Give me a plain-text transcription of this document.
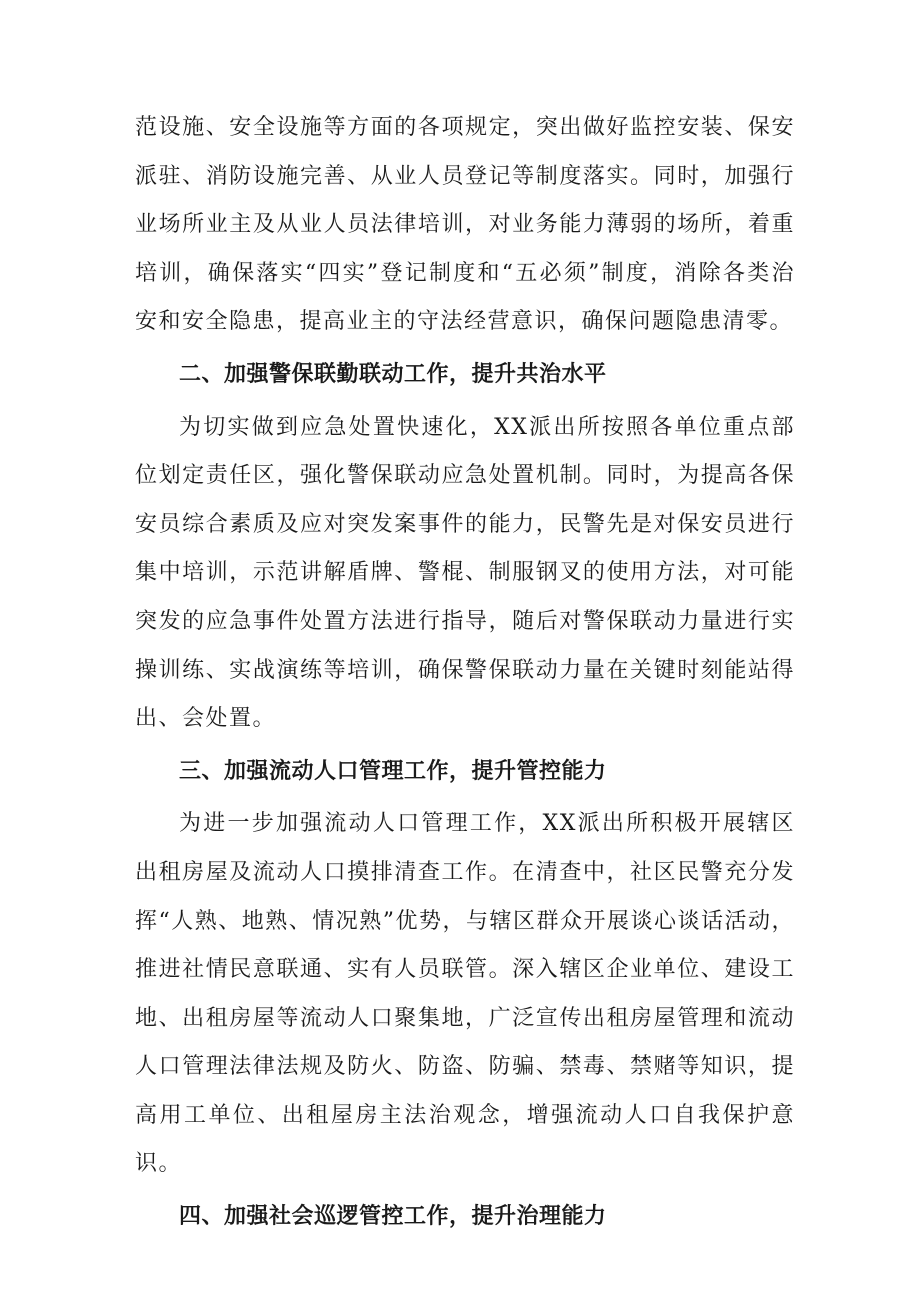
范设施、安全设施等方面的各项规定，突出做好监控安装、保安派驻、消防设施完善、从业人员登记等制度落实。同时，加强行业场所业主及从业人员法律培训，对业务能力薄弱的场所，着重培训，确保落实“四实”登记制度和“五必须”制度，消除各类治安和安全隐患，提高业主的守法经营意识，确保问题隐患清零。

二、加强警保联勤联动工作，提升共治水平

为切实做到应急处置快速化，XX派出所按照各单位重点部位划定责任区，强化警保联动应急处置机制。同时，为提高各保安员综合素质及应对突发案事件的能力，民警先是对保安员进行集中培训，示范讲解盾牌、警棍、制服钢叉的使用方法，对可能突发的应急事件处置方法进行指导，随后对警保联动力量进行实操训练、实战演练等培训，确保警保联动力量在关键时刻能站得出、会处置。

三、加强流动人口管理工作，提升管控能力

为进一步加强流动人口管理工作，XX派出所积极开展辖区出租房屋及流动人口摸排清查工作。在清查中，社区民警充分发挥“人熟、地熟、情况熟”优势，与辖区群众开展谈心谈话活动，推进社情民意联通、实有人员联管。深入辖区企业单位、建设工地、出租房屋等流动人口聚集地，广泛宣传出租房屋管理和流动人口管理法律法规及防火、防盗、防骗、禁毒、禁赌等知识，提高用工单位、出租屋房主法治观念，增强流动人口自我保护意识。

四、加强社会巡逻管控工作，提升治理能力
